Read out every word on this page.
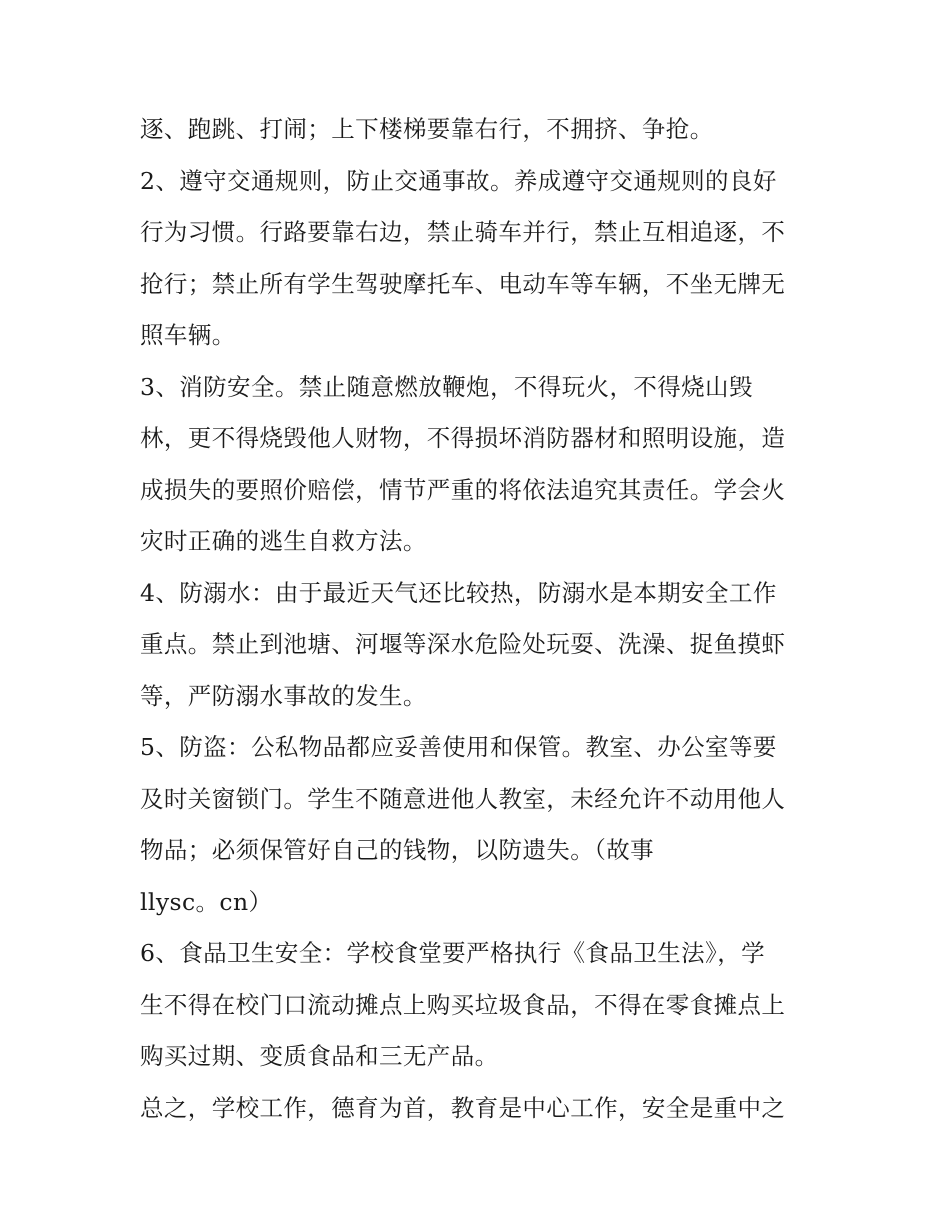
逐、跑跳、打闹；上下楼梯要靠右行，不拥挤、争抢。
2、遵守交通规则，防止交通事故。养成遵守交通规则的良好
行为习惯。行路要靠右边，禁止骑车并行，禁止互相追逐，不
抢行；禁止所有学生驾驶摩托车、电动车等车辆，不坐无牌无
照车辆。
3、消防安全。禁止随意燃放鞭炮，不得玩火，不得烧山毁
林，更不得烧毁他人财物，不得损坏消防器材和照明设施，造
成损失的要照价赔偿，情节严重的将依法追究其责任。学会火
灾时正确的逃生自救方法。
4、防溺水：由于最近天气还比较热，防溺水是本期安全工作
重点。禁止到池塘、河堰等深水危险处玩耍、洗澡、捉鱼摸虾
等，严防溺水事故的发生。
5、防盗：公私物品都应妥善使用和保管。教室、办公室等要
及时关窗锁门。学生不随意进他人教室，未经允许不动用他人
物品；必须保管好自己的钱物，以防遗失。（故事
llysc。cn）
6、食品卫生安全：学校食堂要严格执行《食品卫生法》，学
生不得在校门口流动摊点上购买垃圾食品，不得在零食摊点上
购买过期、变质食品和三无产品。
总之，学校工作，德育为首，教育是中心工作，安全是重中之
